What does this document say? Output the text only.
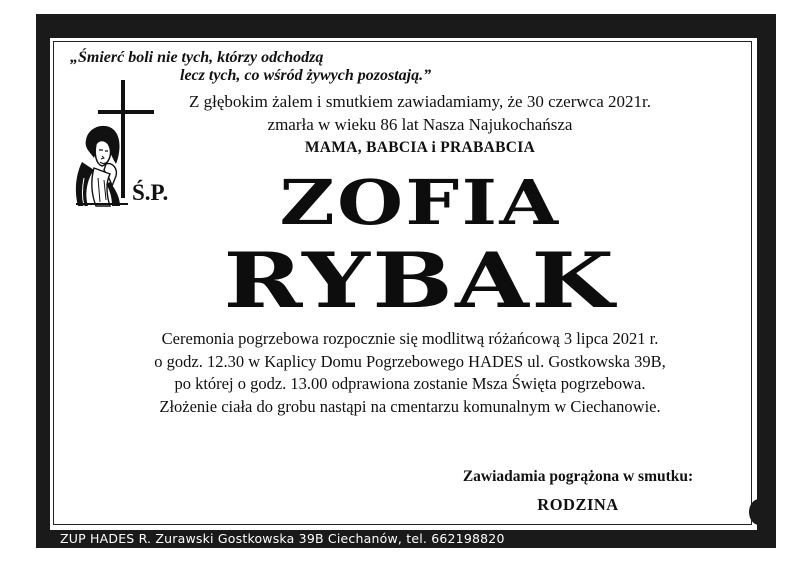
„Śmierć boli nie tych, którzy odchodzą
lecz tych, co wśród żywych pozostają.”
Ś.P.
Z głębokim żalem i smutkiem zawiadamiamy, że 30 czerwca 2021r.
zmarła w wieku 86 lat Nasza Najukochańsza
MAMA, BABCIA i PRABABCIA
ZOFIA
RYBAK
Ceremonia pogrzebowa rozpocznie się modlitwą różańcową 3 lipca 2021 r.
o godz. 12.30 w Kaplicy Domu Pogrzebowego HADES ul. Gostkowska 39B,
po której o godz. 13.00 odprawiona zostanie Msza Święta pogrzebowa.
Złożenie ciała do grobu nastąpi na cmentarzu komunalnym w Ciechanowie.
Zawiadamia pogrążona w smutku:
RODZINA
ZUP HADES R. Zurawski Gostkowska 39B Ciechanów, tel. 662198820
